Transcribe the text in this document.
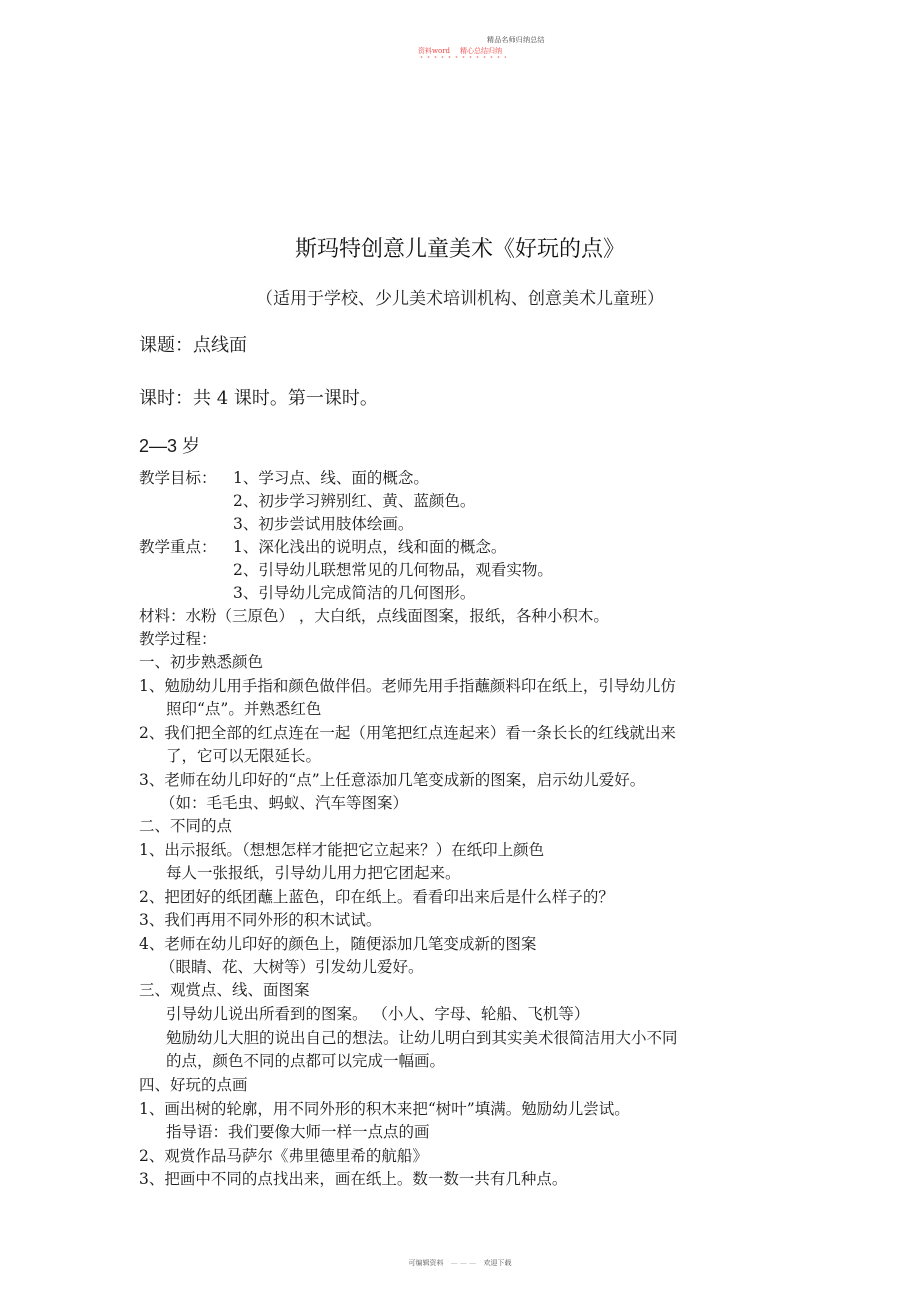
精品名师归纳总结
资料word 精心总结归纳
斯玛特创意儿童美术《好玩的点》
（适用于学校、少儿美术培训机构、创意美术儿童班）
课题：点线面
课时：共 4 课时。第一课时。
2—3 岁
教学目标： 1、学习点、线、面的概念。
2、初步学习辨别红、黄、蓝颜色。
3、初步尝试用肢体绘画。
教学重点： 1、深化浅出的说明点，线和面的概念。
2、引导幼儿联想常见的几何物品，观看实物。
3、引导幼儿完成简洁的几何图形。
材料：水粉（三原色） ，大白纸，点线面图案，报纸，各种小积木。
教学过程：
一、初步熟悉颜色
1、勉励幼儿用手指和颜色做伴侣。老师先用手指蘸颜料印在纸上，引导幼儿仿
照印“点”。并熟悉红色
2、我们把全部的红点连在一起（用笔把红点连起来）看一条长长的红线就出来
了，它可以无限延长。
3、老师在幼儿印好的“点”上任意添加几笔变成新的图案，启示幼儿爱好。
（如：毛毛虫、蚂蚁、汽车等图案）
二、不同的点
1、出示报纸。（想想怎样才能把它立起来？）在纸印上颜色
每人一张报纸，引导幼儿用力把它团起来。
2、把团好的纸团蘸上蓝色，印在纸上。看看印出来后是什么样子的？
3、我们再用不同外形的积木试试。
4、老师在幼儿印好的颜色上，随便添加几笔变成新的图案
（眼睛、花、大树等）引发幼儿爱好。
三、观赏点、线、面图案
引导幼儿说出所看到的图案。 （小人、字母、轮船、飞机等）
勉励幼儿大胆的说出自己的想法。让幼儿明白到其实美术很简洁用大小不同
的点，颜色不同的点都可以完成一幅画。
四、好玩的点画
1、画出树的轮廓，用不同外形的积木来把“树叶”填满。勉励幼儿尝试。
指导语：我们要像大师一样一点点的画
2、观赏作品马萨尔《弗里德里希的航船》
3、把画中不同的点找出来，画在纸上。数一数一共有几种点。
可编辑资料 — — — 欢迎下载
